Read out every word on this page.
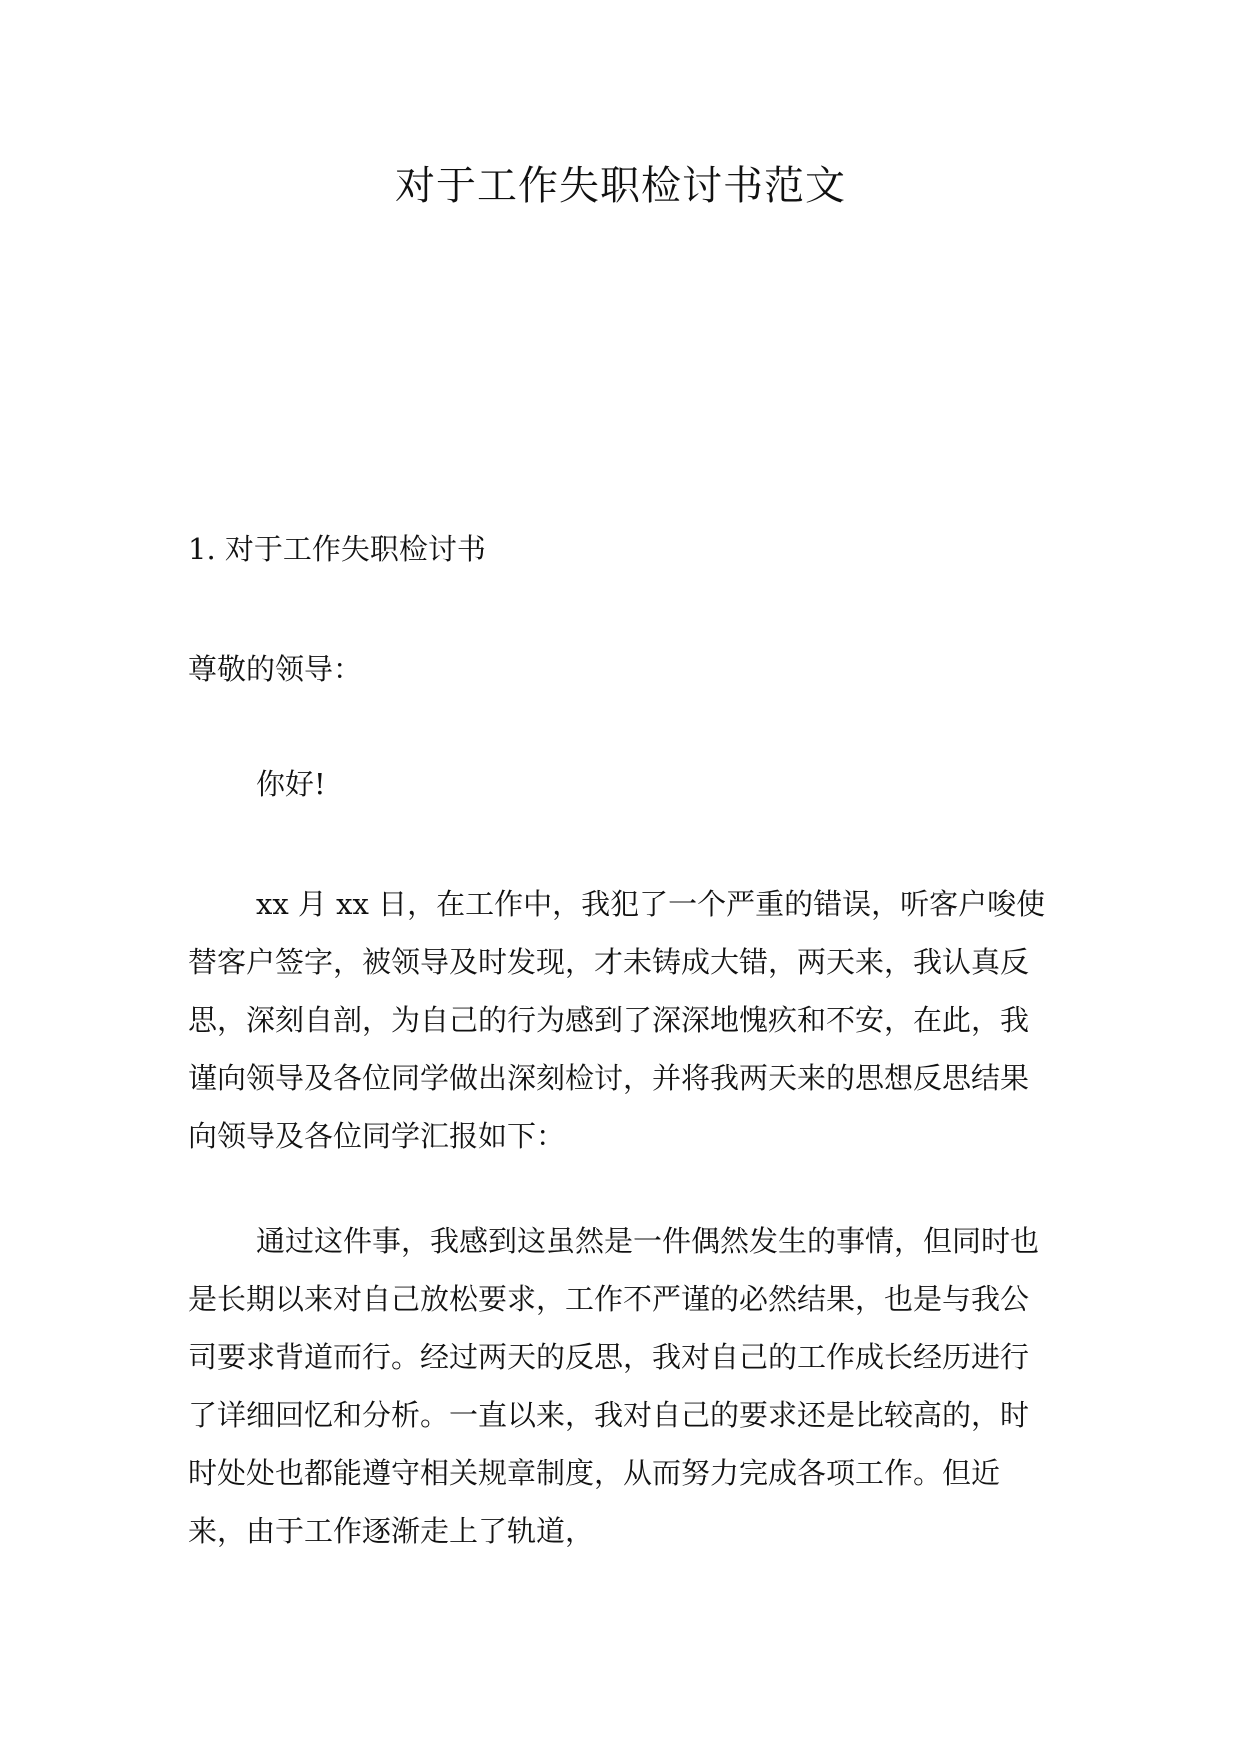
对于工作失职检讨书范文
1. 对于工作失职检讨书
尊敬的领导：
你好!

xx 月 xx 日，在工作中，我犯了一个严重的错误，听客户唆使替客户签字，被领导及时发现，才未铸成大错，两天来，我认真反思，深刻自剖，为自己的行为感到了深深地愧疚和不安，在此，我谨向领导及各位同学做出深刻检讨，并将我两天来的思想反思结果向领导及各位同学汇报如下：

通过这件事，我感到这虽然是一件偶然发生的事情，但同时也是长期以来对自己放松要求，工作不严谨的必然结果，也是与我公司要求背道而行。经过两天的反思，我对自己的工作成长经历进行了详细回忆和分析。一直以来，我对自己的要求还是比较高的，时时处处也都能遵守相关规章制度，从而努力完成各项工作。但近来，由于工作逐渐走上了轨道，
